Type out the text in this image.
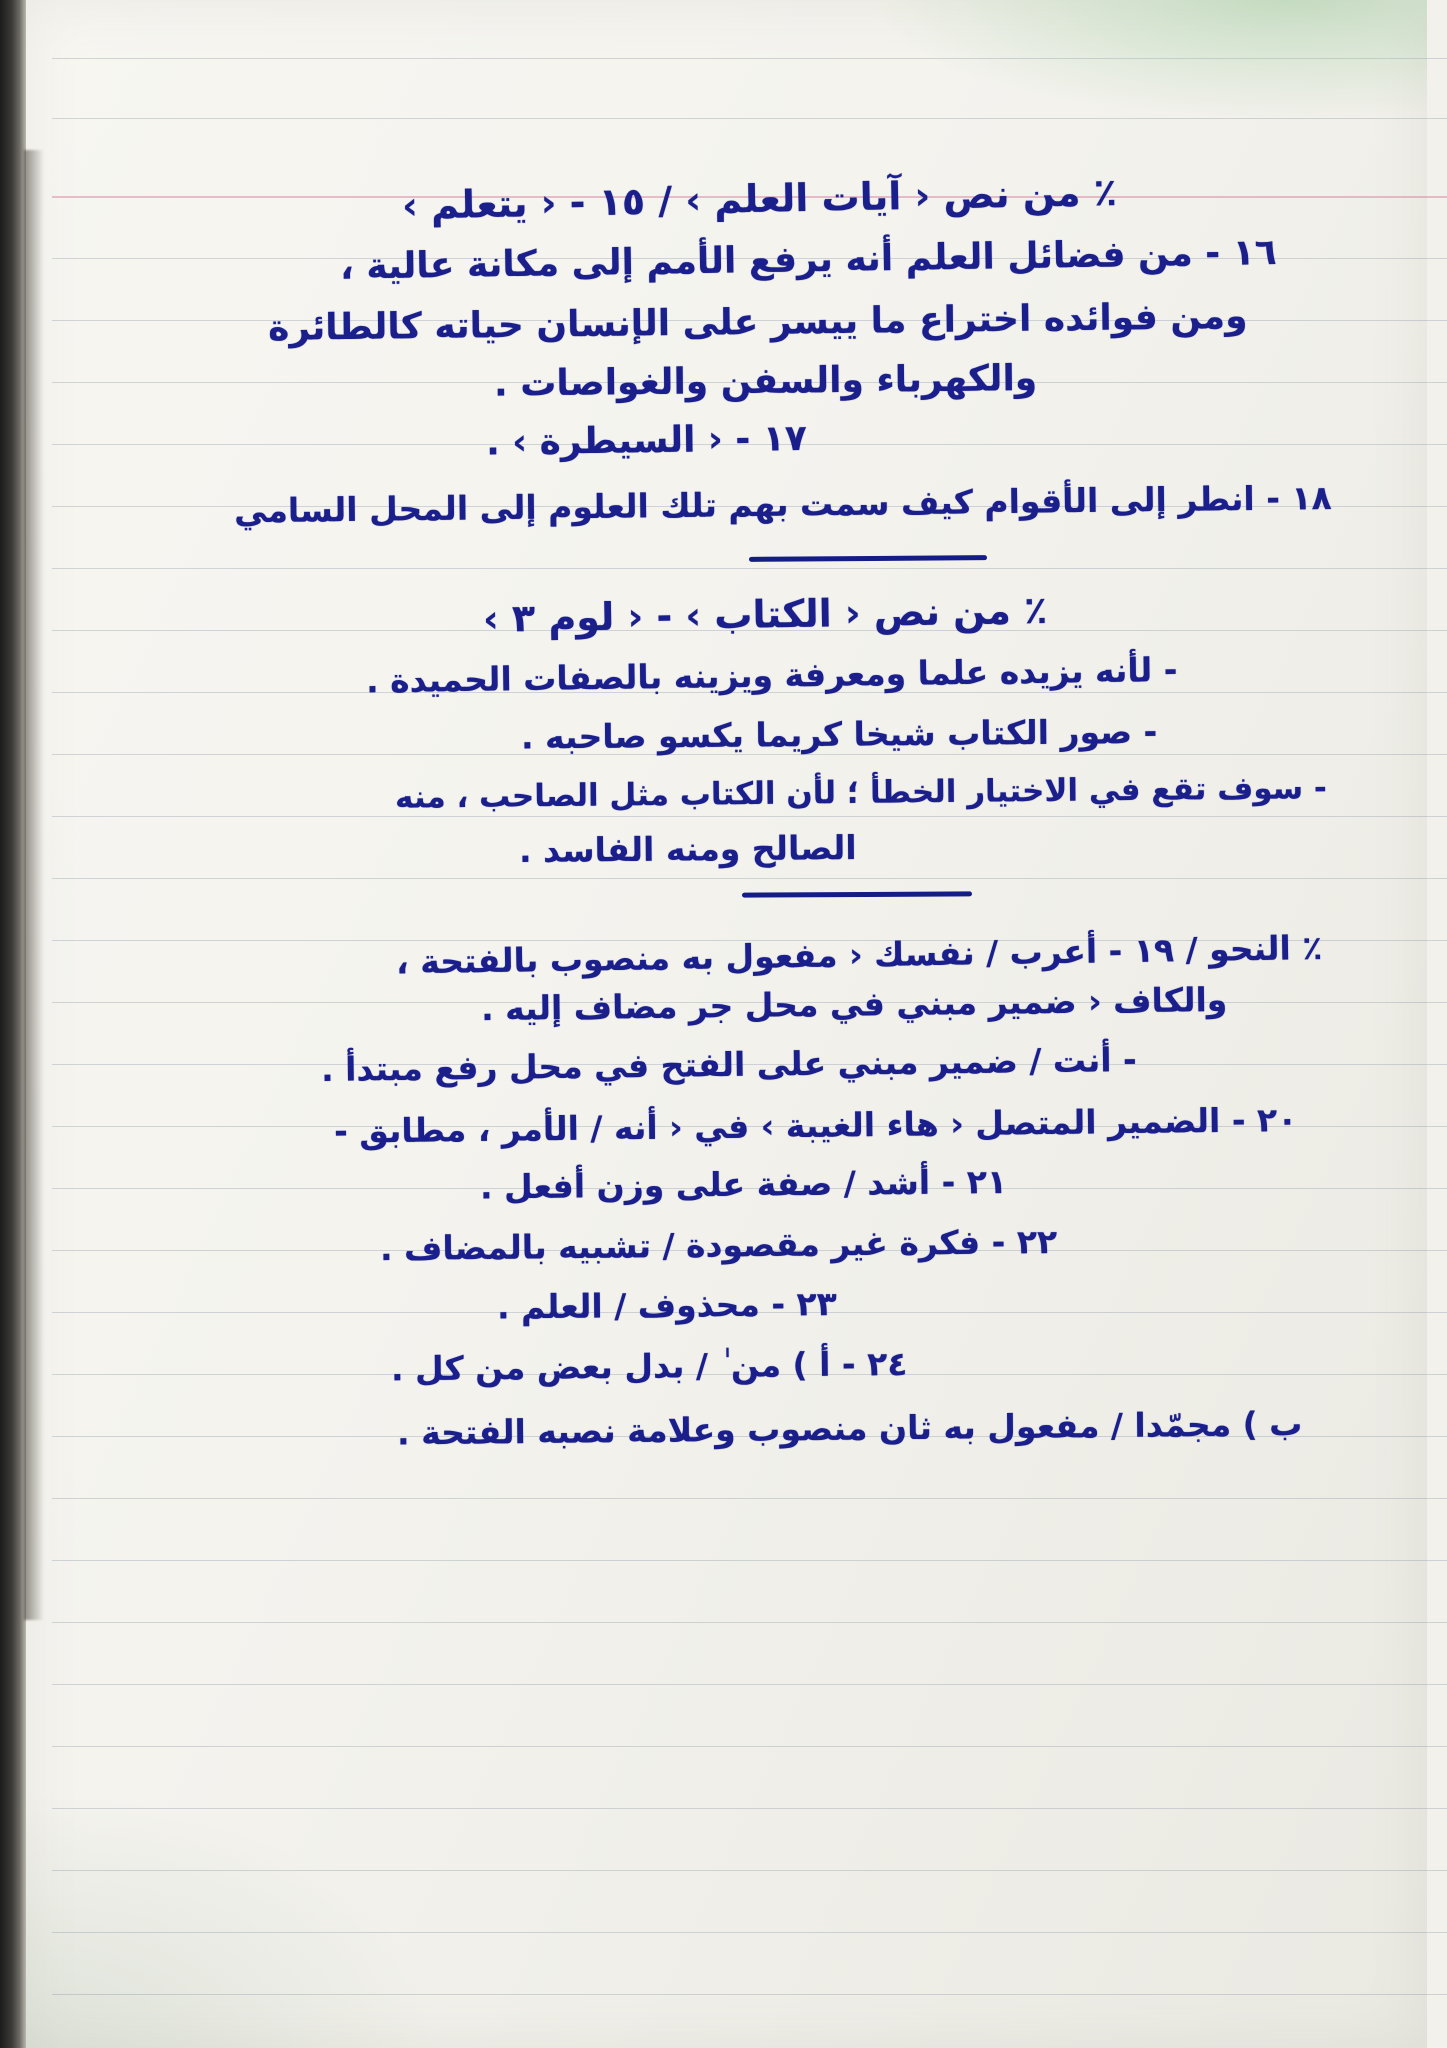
٪ من نص ‹ آيات العلم › / ١٥ - ‹ يتعلم ›
١٦ - من فضائل العلم أنه يرفع الأمم إلى مكانة عالية ،
ومن فوائده اختراع ما ييسر على الإنسان حياته كالطائرة
والكهرباء والسفن والغواصات .
١٧ - ‹ السيطرة › .
١٨ - انطر إلى الأقوام كيف سمت بهم تلك العلوم إلى المحل السامي
٪ من نص ‹ الكتاب › - ‹ لوم ٣ ›
- لأنه يزيده علما ومعرفة ويزينه بالصفات الحميدة .
- صور الكتاب شيخا كريما يكسو صاحبه .
- سوف تقع في الاختيار الخطأ ؛ لأن الكتاب مثل الصاحب ، منه
الصالح ومنه الفاسد .
٪ النحو / ١٩ - أعرب / نفسك ‹ مفعول به منصوب بالفتحة ،
والكاف ‹ ضمير مبني في محل جر مضاف إليه .
- أنت / ضمير مبني على الفتح في محل رفع مبتدأ .
٢٠ - الضمير المتصل ‹ هاء الغيبة › في ‹ أنه / الأمر ، مطابق -
٢١ - أشد / صفة على وزن أفعل .
٢٢ - فكرة غير مقصودة / تشبيه بالمضاف .
٢٣ - محذوف / العلم .
٢٤ - أ ) من ٰ / بدل بعض من كل .
ب ) مجمّدا / مفعول به ثان منصوب وعلامة نصبه الفتحة .
